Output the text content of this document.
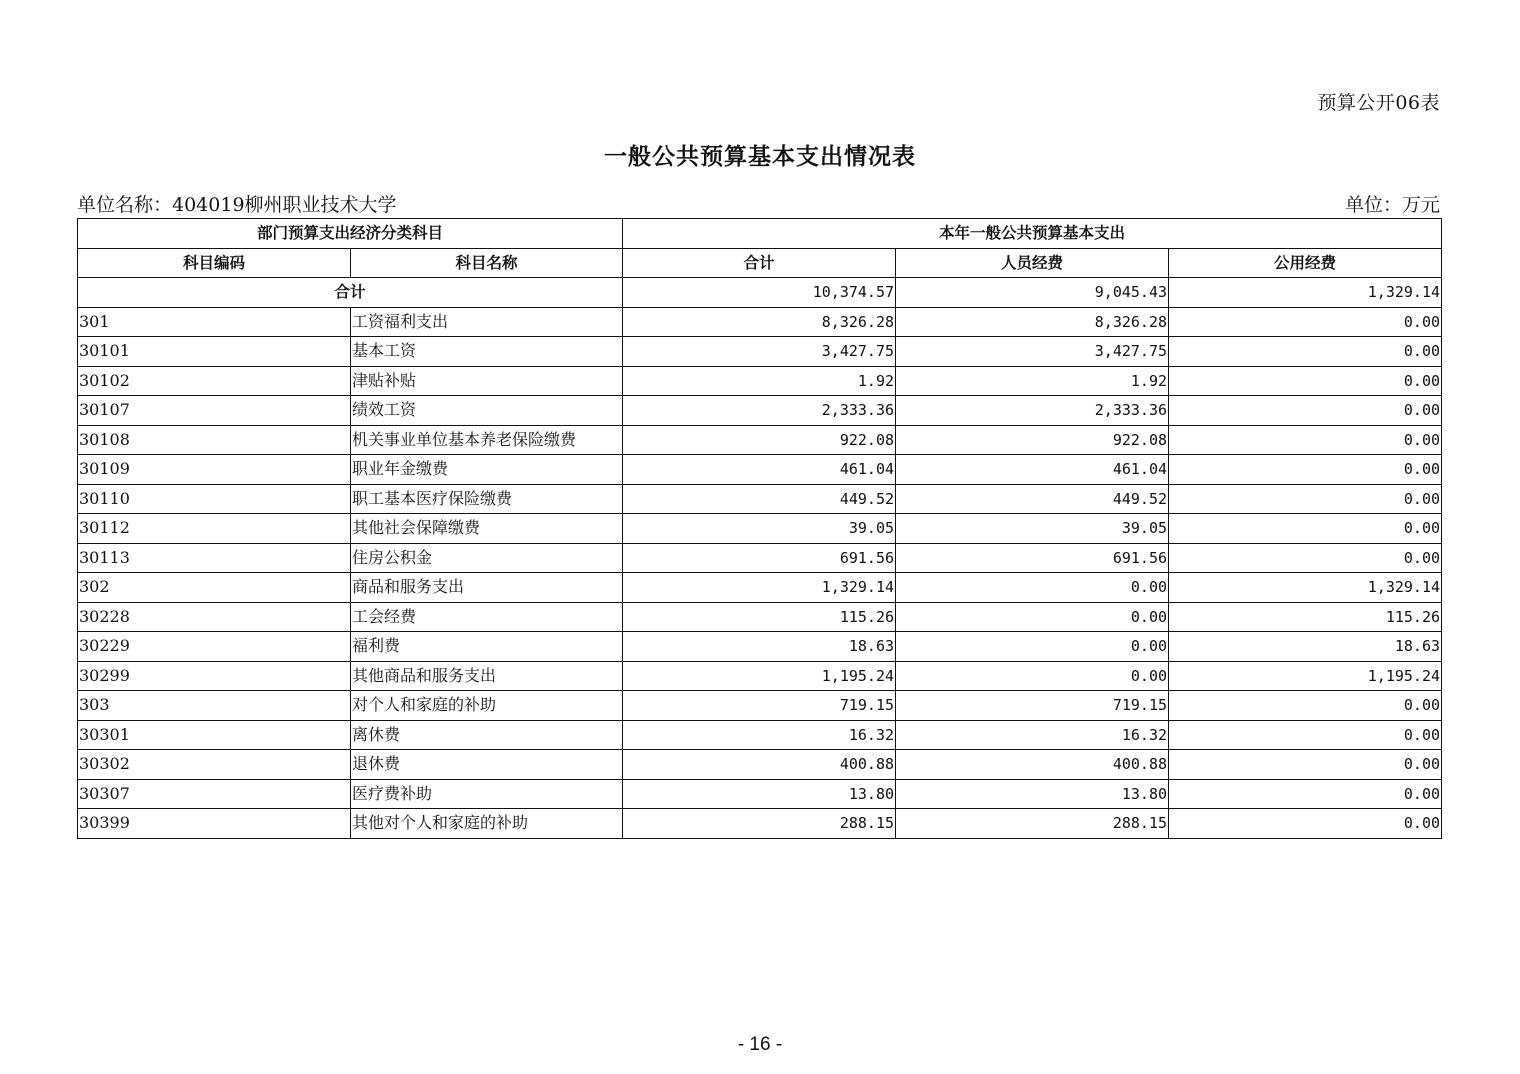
预算公开06表
一般公共预算基本支出情况表
单位名称：404019柳州职业技术大学	单位：万元
部门预算支出经济分类科目		本年一般公共预算基本支出		
科目编码	科目名称	合计	人员经费	公用经费
合计		10,374.57	9,045.43	1,329.14
301	工资福利支出	8,326.28	8,326.28	0.00
30101	基本工资	3,427.75	3,427.75	0.00
30102	津贴补贴	1.92	1.92	0.00
30107	绩效工资	2,333.36	2,333.36	0.00
30108	机关事业单位基本养老保险缴费	922.08	922.08	0.00
30109	职业年金缴费	461.04	461.04	0.00
30110	职工基本医疗保险缴费	449.52	449.52	0.00
30112	其他社会保障缴费	39.05	39.05	0.00
30113	住房公积金	691.56	691.56	0.00
302	商品和服务支出	1,329.14	0.00	1,329.14
30228	工会经费	115.26	0.00	115.26
30229	福利费	18.63	0.00	18.63
30299	其他商品和服务支出	1,195.24	0.00	1,195.24
303	对个人和家庭的补助	719.15	719.15	0.00
30301	离休费	16.32	16.32	0.00
30302	退休费	400.88	400.88	0.00
30307	医疗费补助	13.80	13.80	0.00
30399	其他对个人和家庭的补助	288.15	288.15	0.00
- 16 -
